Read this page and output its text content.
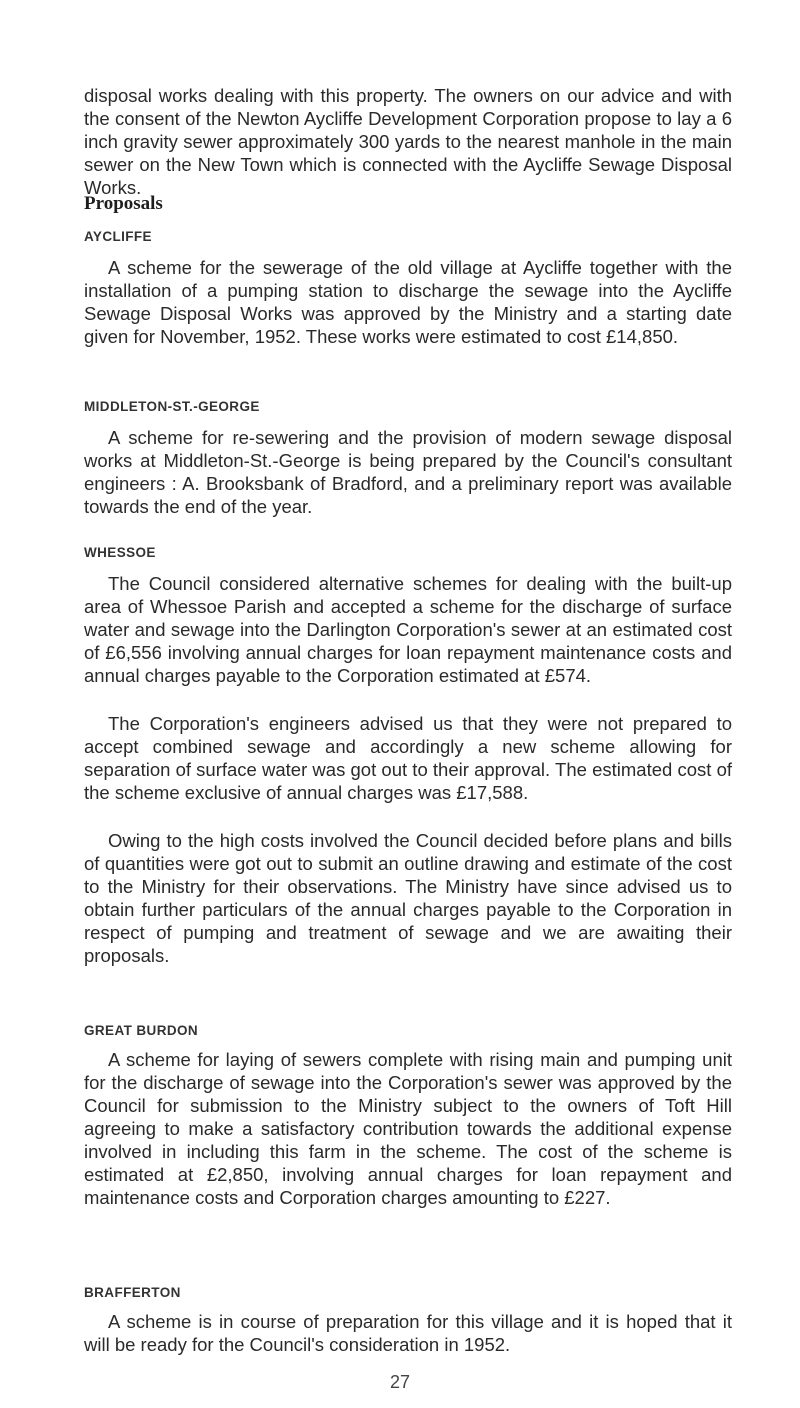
disposal works dealing with this property. The owners on our advice and with the consent of the Newton Aycliffe Development Corporation propose to lay a 6 inch gravity sewer approximately 300 yards to the nearest manhole in the main sewer on the New Town which is connected with the Aycliffe Sewage Disposal Works.

Proposals
AYCLIFFE

A scheme for the sewerage of the old village at Aycliffe together with the installation of a pumping station to discharge the sewage into the Aycliffe Sewage Disposal Works was approved by the Ministry and a starting date given for November, 1952. These works were estimated to cost £14,850.

MIDDLETON-ST.-GEORGE

A scheme for re-sewering and the provision of modern sewage disposal works at Middleton-St.-George is being prepared by the Council's consultant engineers : A. Brooksbank of Bradford, and a preliminary report was available towards the end of the year.

WHESSOE

The Council considered alternative schemes for dealing with the built-up area of Whessoe Parish and accepted a scheme for the discharge of surface water and sewage into the Darlington Corporation's sewer at an estimated cost of £6,556 involving annual charges for loan repayment maintenance costs and annual charges payable to the Corporation estimated at £574.

The Corporation's engineers advised us that they were not prepared to accept combined sewage and accordingly a new scheme allowing for separation of surface water was got out to their approval. The estimated cost of the scheme exclusive of annual charges was £17,588.

Owing to the high costs involved the Council decided before plans and bills of quantities were got out to submit an outline drawing and estimate of the cost to the Ministry for their observations. The Ministry have since advised us to obtain further particulars of the annual charges payable to the Corporation in respect of pumping and treatment of sewage and we are awaiting their proposals.

GREAT BURDON

A scheme for laying of sewers complete with rising main and pumping unit for the discharge of sewage into the Corporation's sewer was approved by the Council for submission to the Ministry subject to the owners of Toft Hill agreeing to make a satisfactory contribution towards the additional expense involved in including this farm in the scheme. The cost of the scheme is estimated at £2,850, involving annual charges for loan repayment and maintenance costs and Corporation charges amounting to £227.

BRAFFERTON

A scheme is in course of preparation for this village and it is hoped that it will be ready for the Council's consideration in 1952.

27
